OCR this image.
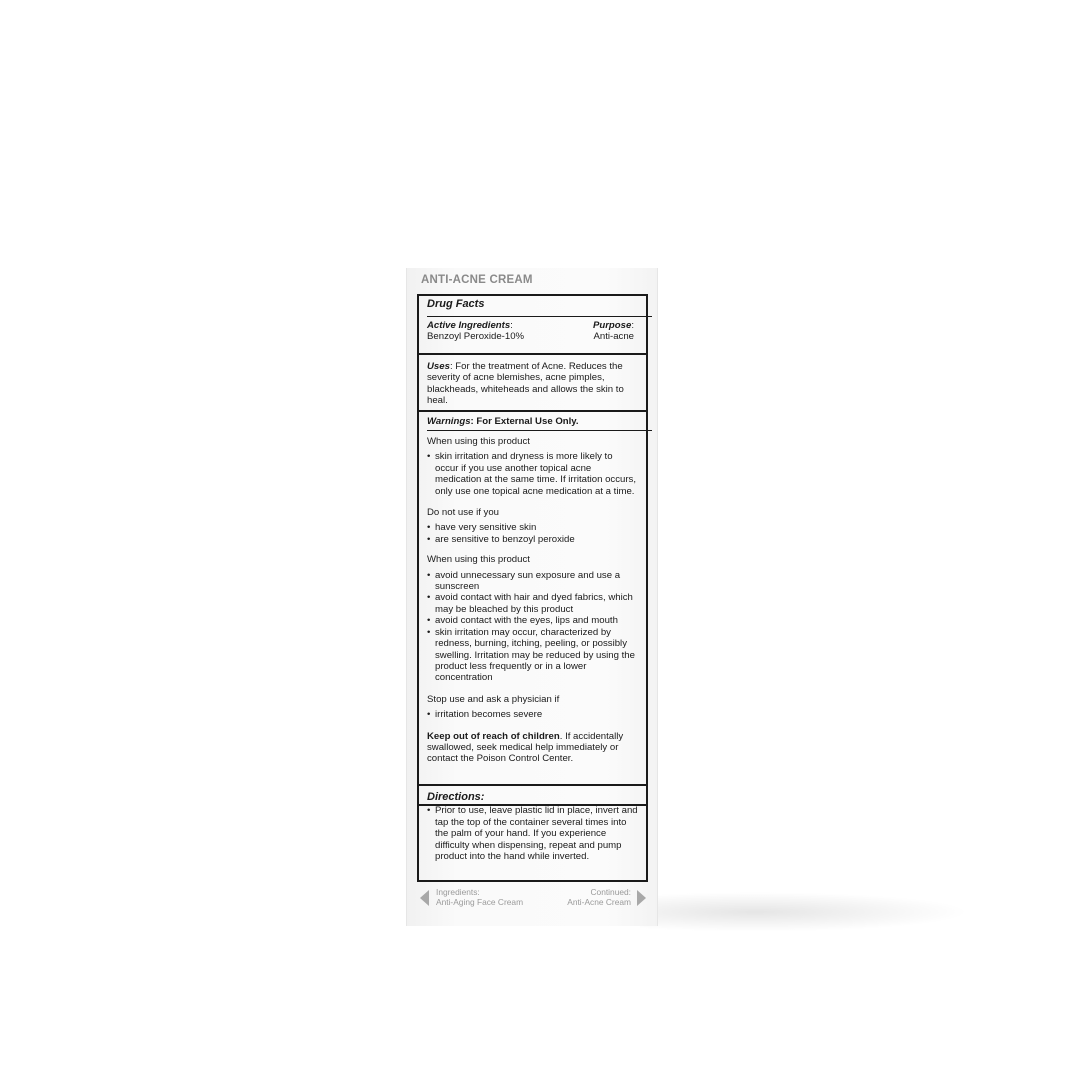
ANTI-ACNE CREAM

Drug Facts

Active Ingredients:	Purpose:
Benzoyl Peroxide-10%	Anti-acne

Uses: For the treatment of Acne. Reduces the severity of acne blemishes, acne pimples, blackheads, whiteheads and allows the skin to heal.

Warnings: For External Use Only.

When using this product

• skin irritation and dryness is more likely to occur if you use another topical acne medication at the same time. If irritation occurs, only use one topical acne medication at a time.

Do not use if you

• have very sensitive skin

• are sensitive to benzoyl peroxide

When using this product

• avoid unnecessary sun exposure and use a sunscreen

• avoid contact with hair and dyed fabrics, which may be bleached by this product

• avoid contact with the eyes, lips and mouth

• skin irritation may occur, characterized by redness, burning, itching, peeling, or possibly swelling. Irritation may be reduced by using the product less frequently or in a lower concentration

Stop use and ask a physician if

• irritation becomes severe

Keep out of reach of children. If accidentally swallowed, seek medical help immediately or contact the Poison Control Center.

Directions:

• Prior to use, leave plastic lid in place, invert and tap the top of the container several times into the palm of your hand. If you experience difficulty when dispensing, repeat and pump product into the hand while inverted.

Ingredients:
Anti-Aging Face Cream
Continued:
Anti-Acne Cream
